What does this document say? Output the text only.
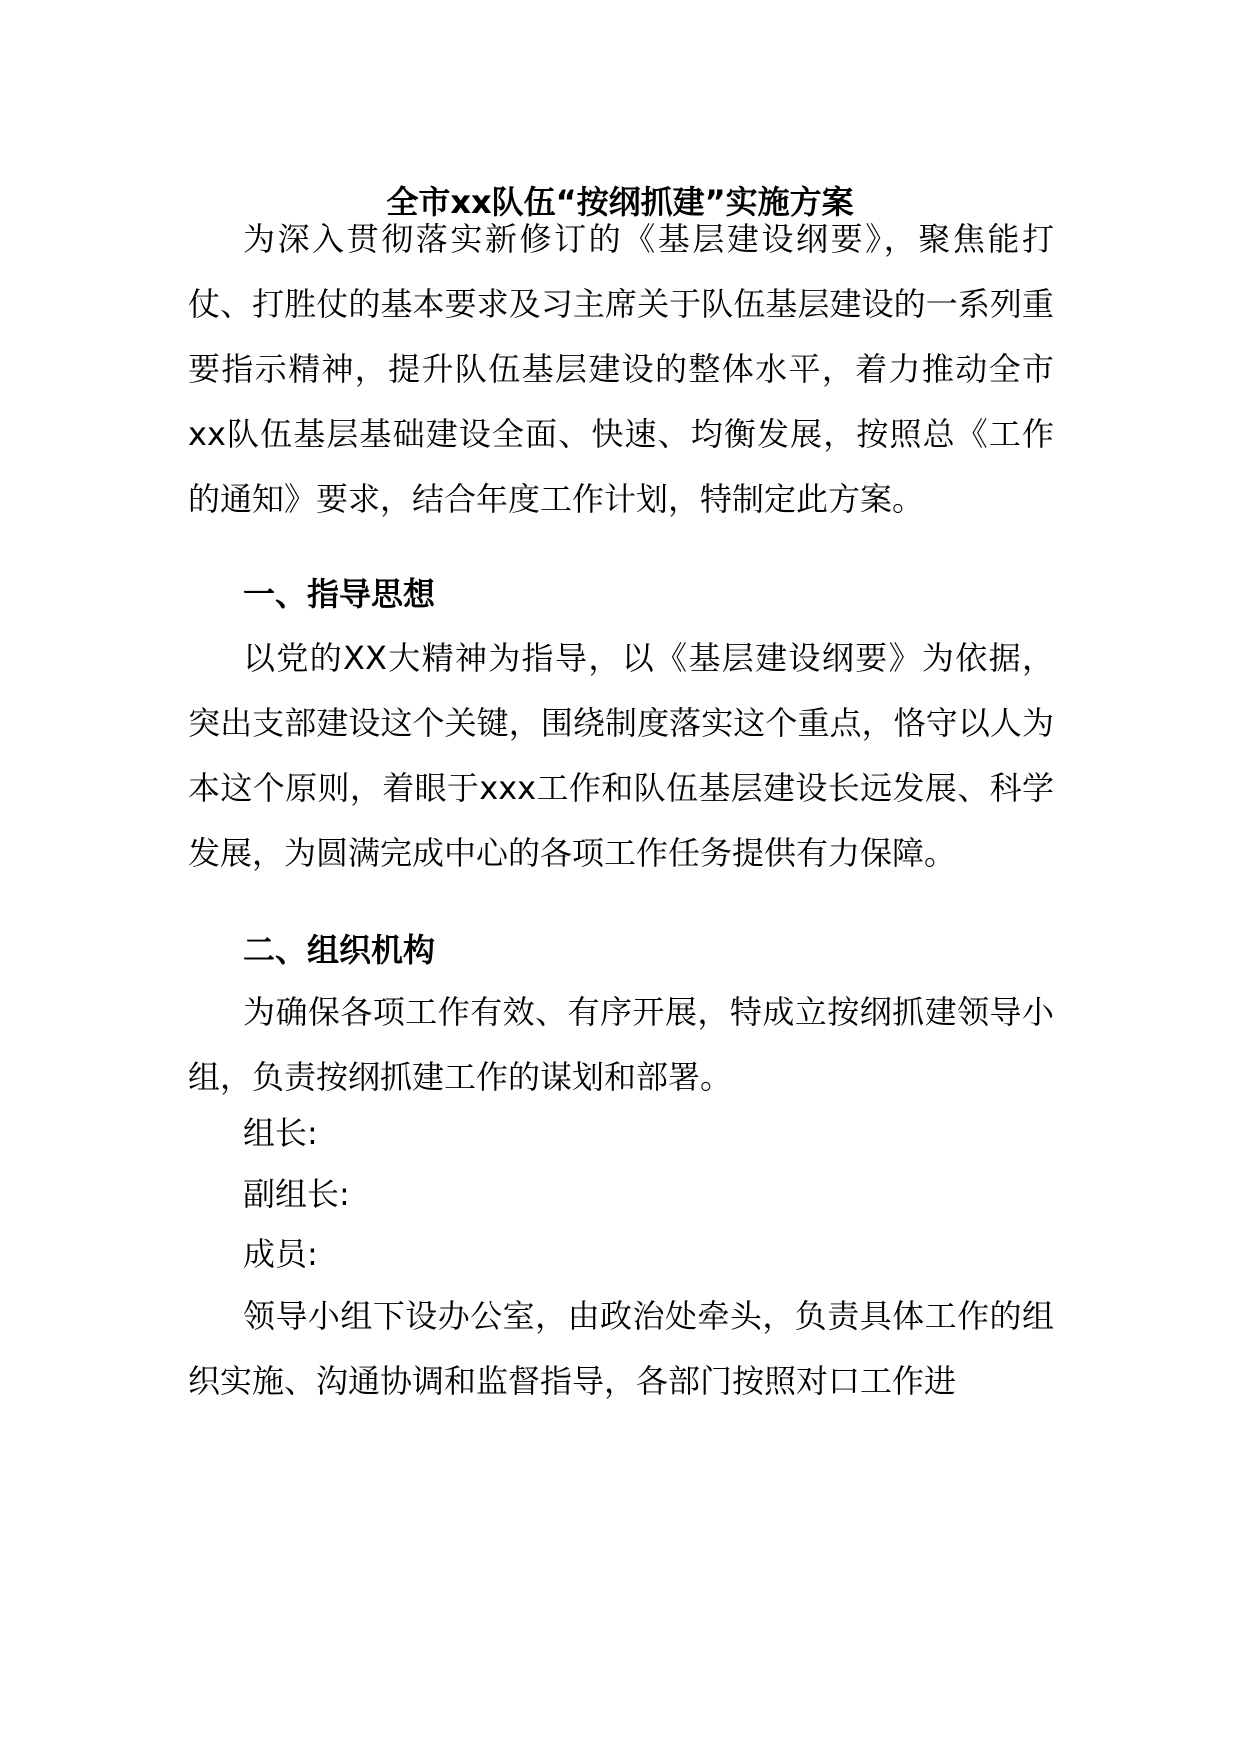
全市xx队伍“按纲抓建”实施方案

为深入贯彻落实新修订的《基层建设纲要》，聚焦能打仗、打胜仗的基本要求及习主席关于队伍基层建设的一系列重要指示精神，提升队伍基层建设的整体水平，着力推动全市xx队伍基层基础建设全面、快速、均衡发展，按照总《工作的通知》要求，结合年度工作计划，特制定此方案。

一、指导思想

以党的XX大精神为指导，以《基层建设纲要》为依据，突出支部建设这个关键，围绕制度落实这个重点，恪守以人为本这个原则，着眼于xxx工作和队伍基层建设长远发展、科学发展，为圆满完成中心的各项工作任务提供有力保障。

二、组织机构

为确保各项工作有效、有序开展，特成立按纲抓建领导小组，负责按纲抓建工作的谋划和部署。

组长:

副组长:

成员:

领导小组下设办公室，由政治处牵头，负责具体工作的组织实施、沟通协调和监督指导，各部门按照对口工作进
